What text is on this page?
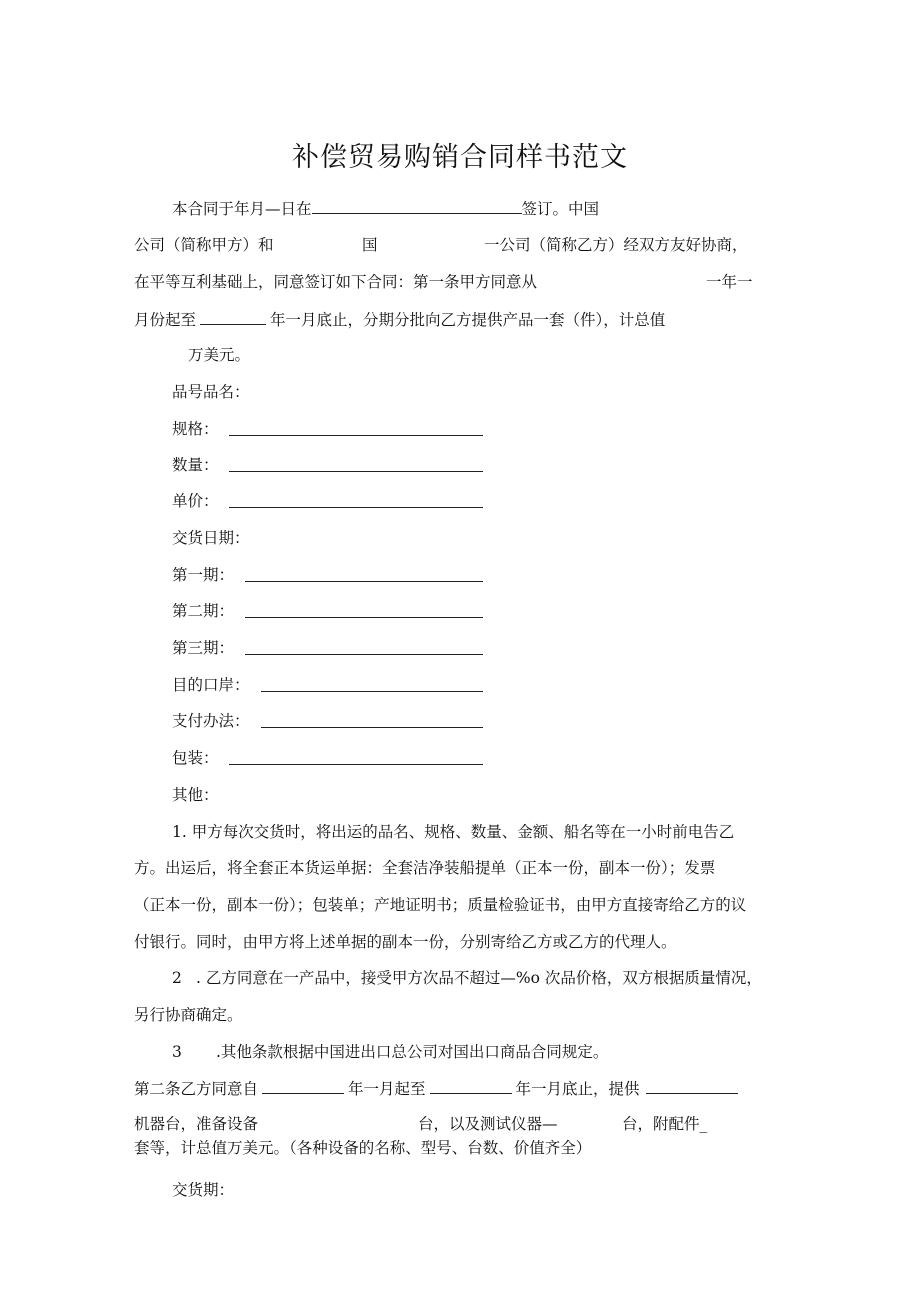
补偿贸易购销合同样书范文
本合同于年月—日在	签订。中国
公司（简称甲方）和	国	一公司（简称乙方）经双方友好协商，
在平等互利基础上，同意签订如下合同：第一条甲方同意从	一年一
月份起至	年一月底止，分期分批向乙方提供产品一套（件），计总值
万美元。
品号品名：
规格：
数量：
单价：
交货日期：
第一期：
第二期：
第三期：
目的口岸：
支付办法：
包装：
其他：
1. 甲方每次交货时，将出运的品名、规格、数量、金额、船名等在一小时前电告乙
方。出运后，将全套正本货运单据：全套洁净装船提单（正本一份，副本一份）；发票
（正本一份，副本一份）；包装单；产地证明书；质量检验证书，由甲方直接寄给乙方的议
付银行。同时，由甲方将上述单据的副本一份，分别寄给乙方或乙方的代理人。
2 . 乙方同意在一产品中，接受甲方次品不超过—%o 次品价格，双方根据质量情况，
另行协商确定。
3 .其他条款根据中国进出口总公司对国出口商品合同规定。
第二条乙方同意自	年一月起至	年一月底止，提供
机器台，准备设备	台，以及测试仪器—	台，附配件_
套等，计总值万美元。（各种设备的名称、型号、台数、价值齐全）
交货期：
